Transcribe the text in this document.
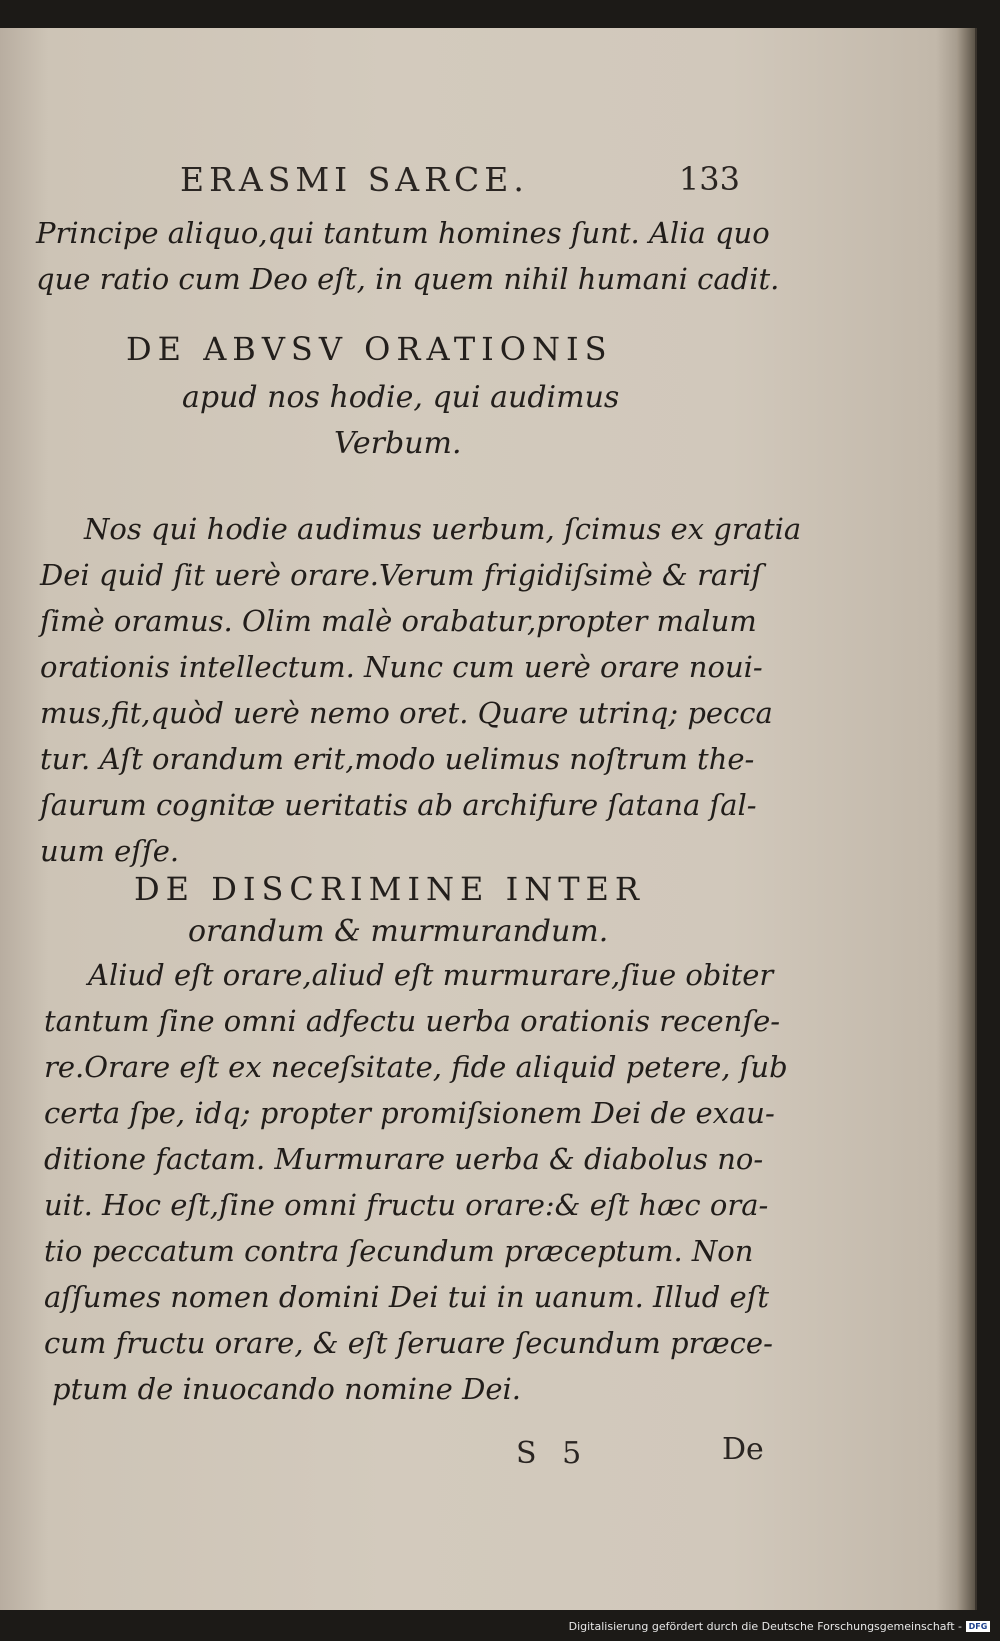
ERASMI SARCE.	133
Principe aliquo,qui tantum homines ſunt. Alia quo
que ratio cum Deo eſt, in quem nihil humani cadit.
DE ABVSV ORATIONIS
apud nos hodie, qui audimus
Verbum.
Nos qui hodie audimus uerbum, ſcimus ex gratia
Dei quid ſit uerè orare.Verum frigidiſsimè & rariſ
ſimè oramus. Olim malè orabatur,propter malum
orationis intellectum. Nunc cum uerè orare noui-
mus,fit,quòd uerè nemo oret. Quare utrinq; pecca
tur. Aſt orandum erit,modo uelimus noſtrum the-
ſaurum cognitæ ueritatis ab archifure ſatana ſal-
uum eſſe.
DE DISCRIMINE INTER
orandum & murmurandum.
Aliud eſt orare,aliud eſt murmurare,ſiue obiter
tantum ſine omni adfectu uerba orationis recenſe-
re.Orare eſt ex neceſsitate, fide aliquid petere, ſub
certa ſpe, idq; propter promiſsionem Dei de exau-
ditione factam. Murmurare uerba & diabolus no-
uit. Hoc eſt,ſine omni fructu orare:& eſt hæc ora-
tio peccatum contra ſecundum præceptum. Non
aſſumes nomen domini Dei tui in uanum. Illud eſt
cum fructu orare, & eſt ſeruare ſecundum præce-
ptum de inuocando nomine Dei.
S 5	De
Digitalisierung gefördert durch die Deutsche Forschungsgemeinschaft - DFG
